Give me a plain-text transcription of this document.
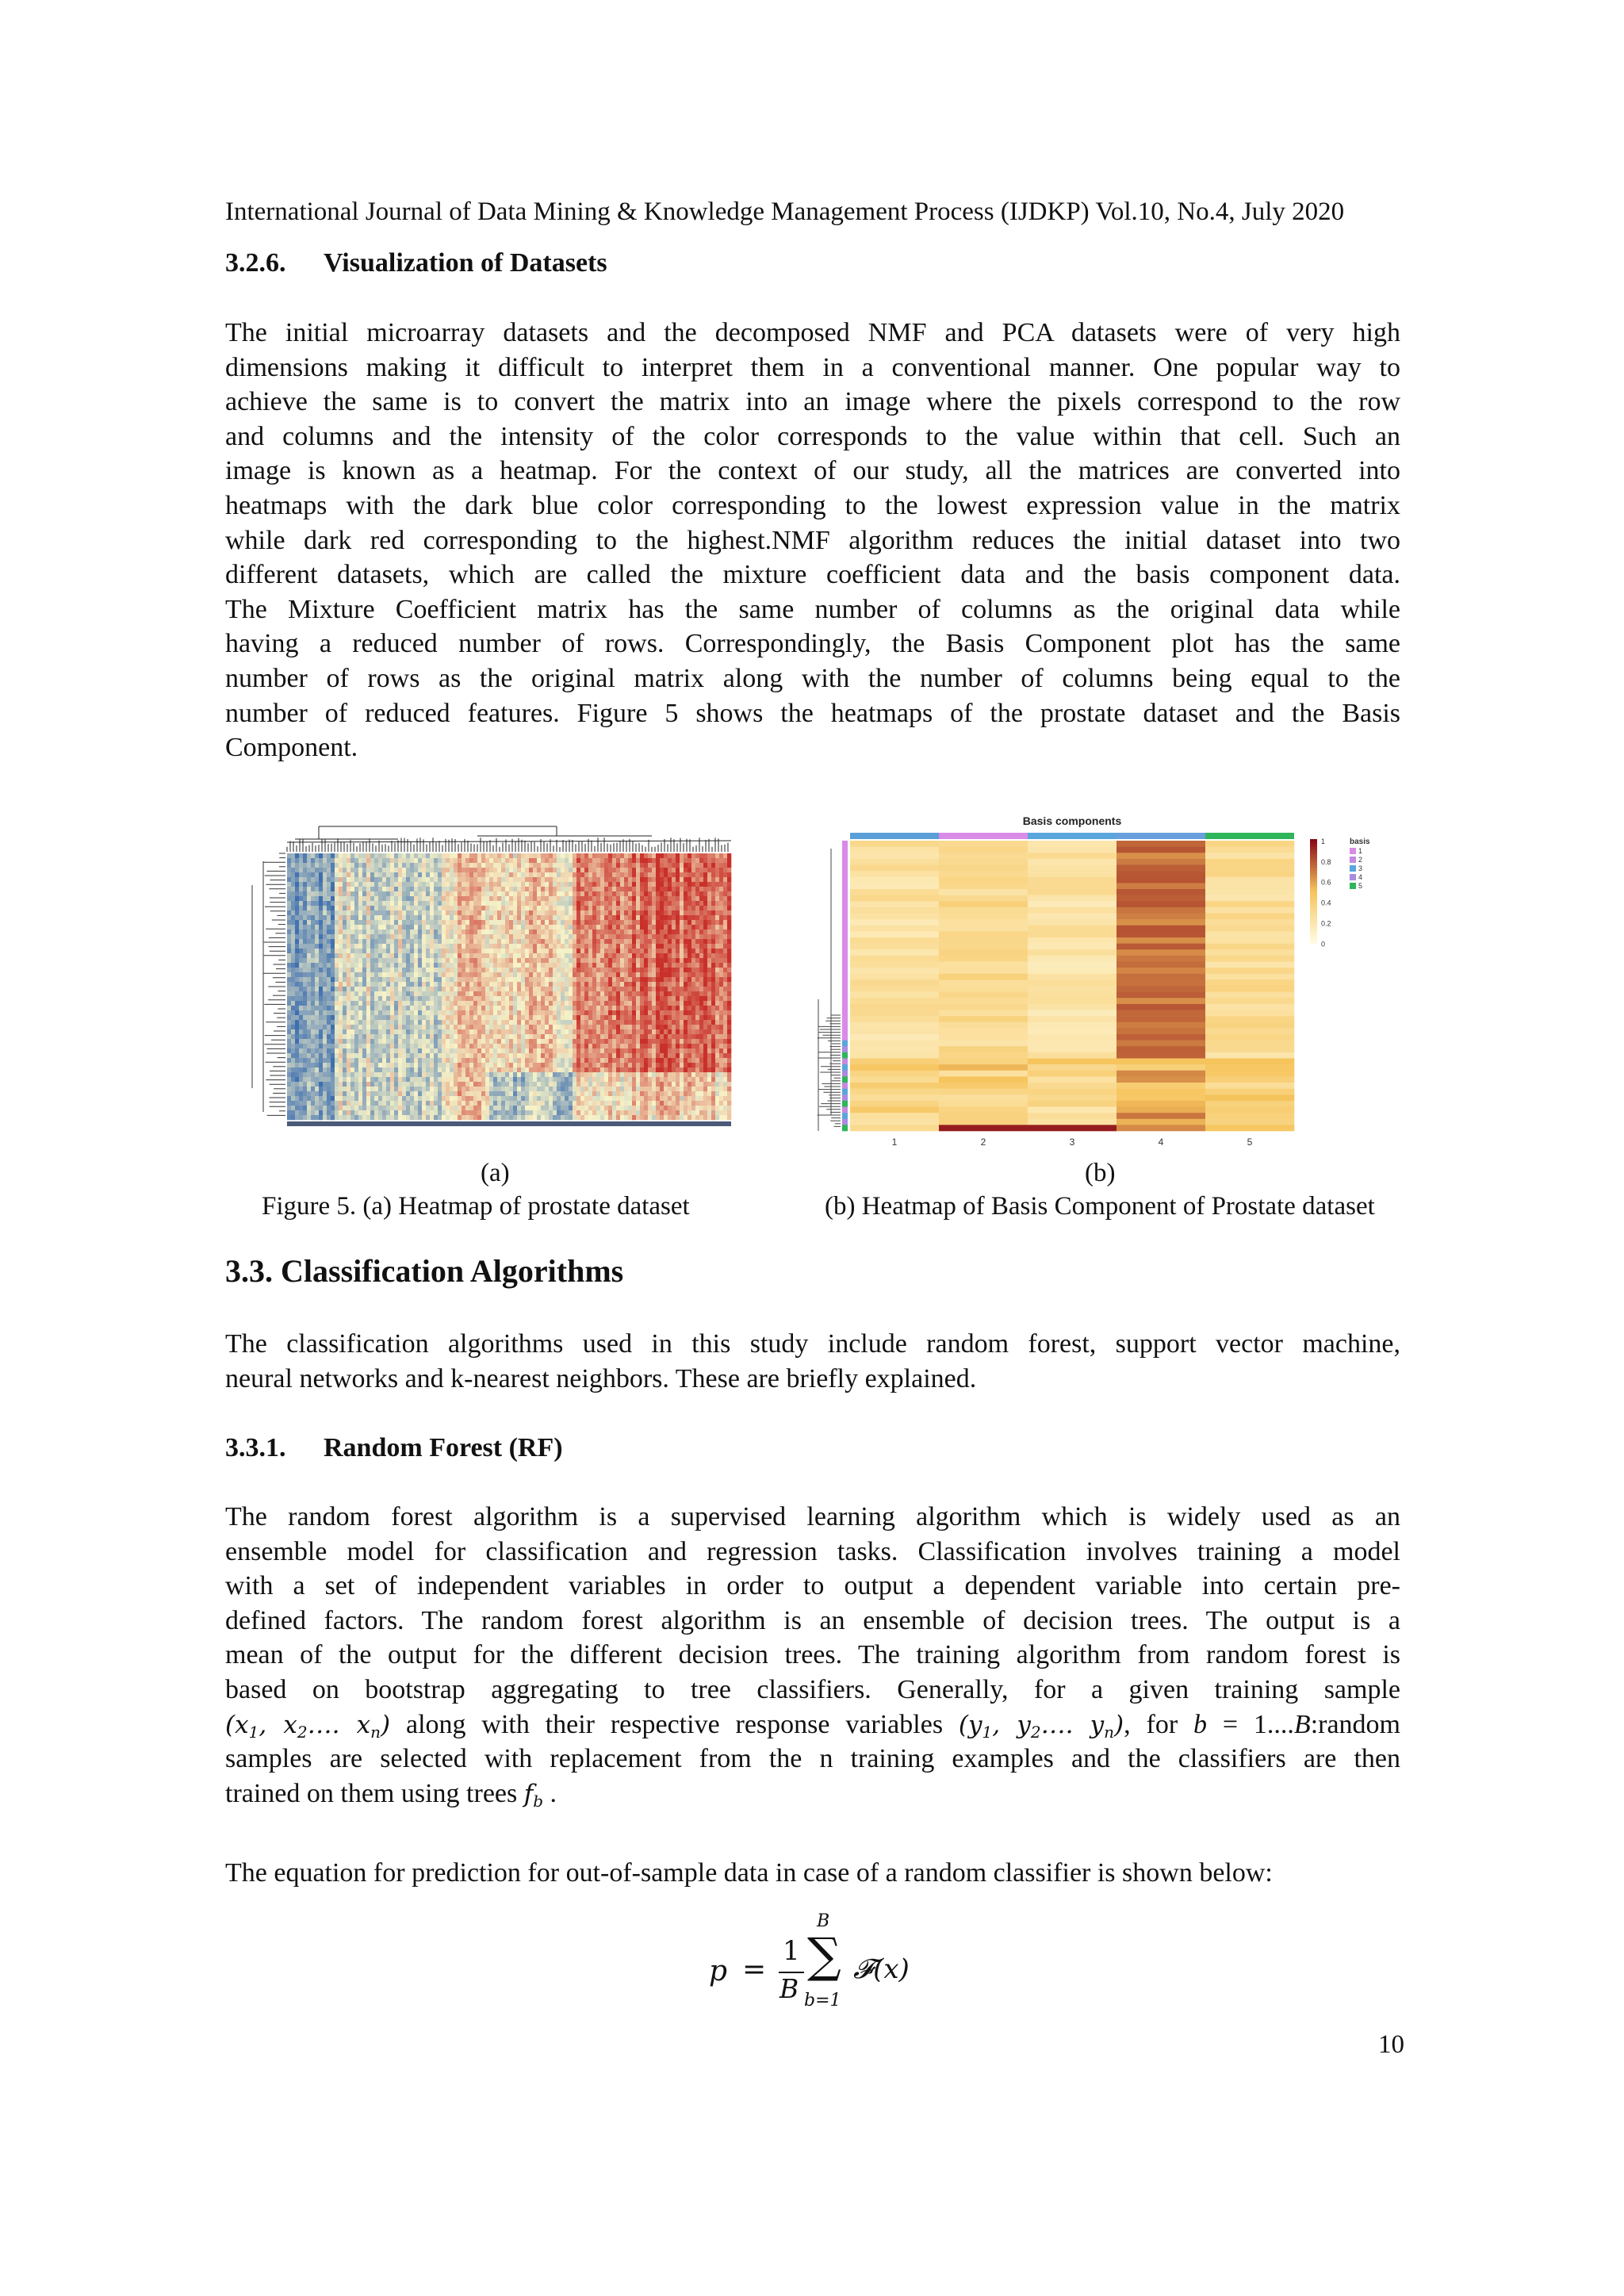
International Journal of Data Mining & Knowledge Management Process (IJDKP) Vol.10, No.4, July 2020
3.2.6. Visualization of Datasets
The initial microarray datasets and the decomposed NMF and PCA datasets were of very high
dimensions making it difficult to interpret them in a conventional manner. One popular way to
achieve the same is to convert the matrix into an image where the pixels correspond to the row
and columns and the intensity of the color corresponds to the value within that cell. Such an
image is known as a heatmap. For the context of our study, all the matrices are converted into
heatmaps with the dark blue color corresponding to the lowest expression value in the matrix
while dark red corresponding to the highest.NMF algorithm reduces the initial dataset into two
different datasets, which are called the mixture coefficient data and the basis component data.
The Mixture Coefficient matrix has the same number of columns as the original data while
having a reduced number of rows. Correspondingly, the Basis Component plot has the same
number of rows as the original matrix along with the number of columns being equal to the
number of reduced features. Figure 5 shows the heatmaps of the prostate dataset and the Basis
Component.
Basis components
1	2	3	4	5
1
0.8
0.6
0.4
0.2
0
basis
1
2
3
4
5
(a)	(b)
Figure 5. (a) Heatmap of prostate dataset	(b) Heatmap of Basis Component of Prostate dataset
3.3. Classification Algorithms
The classification algorithms used in this study include random forest, support vector machine,
neural networks and k-nearest neighbors. These are briefly explained.
3.3.1. Random Forest (RF)
The random forest algorithm is a supervised learning algorithm which is widely used as an
ensemble model for classification and regression tasks. Classification involves training a model
with a set of independent variables in order to output a dependent variable into certain pre-
defined factors. The random forest algorithm is an ensemble of decision trees. The output is a
mean of the output for the different decision trees. The training algorithm from random forest is
based on bootstrap aggregating to tree classifiers. Generally, for a given training sample
($x_1$, $x_2\dots$. $x_n$) along with their respective response variables ($y_1$, $y_2\dots$. $y_n$), for b = 1....B:random
samples are selected with replacement from the n training examples and the classifiers are then
trained on them using trees $f_b$ .
The equation for prediction for out-of-sample data in case of a random classifier is shown below:
p =
1
B
B
∑
b=1
𝓕(x)
10
